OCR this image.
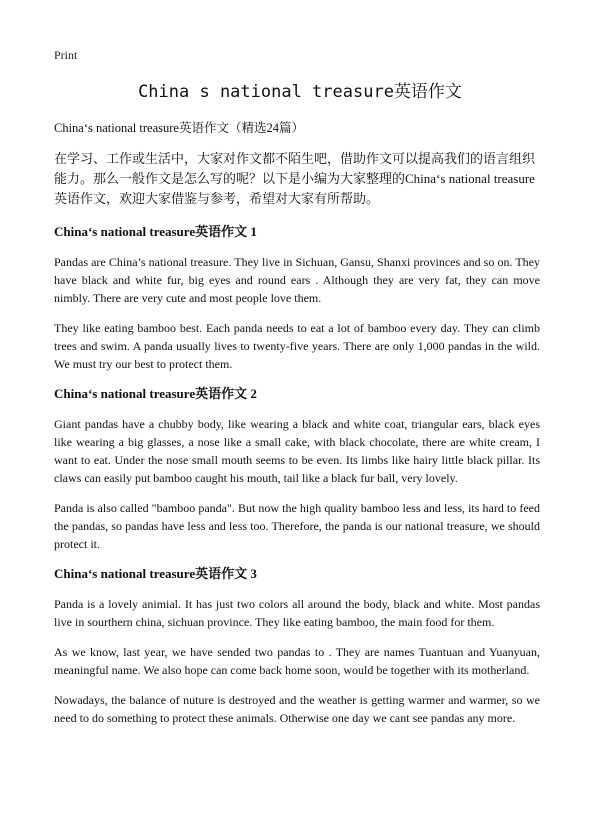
Print
China s national treasure英语作文

China‘s national treasure英语作文（精选24篇）

在学习、工作或生活中，大家对作文都不陌生吧，借助作文可以提高我们的语言组织能力。那么一般作文是怎么写的呢？以下是小编为大家整理的China‘s national treasure英语作文，欢迎大家借鉴与参考，希望对大家有所帮助。

China‘s national treasure英语作文 1

Pandas are China’s national treasure. They live in Sichuan, Gansu, Shanxi provinces and so on. They have black and white fur, big eyes and round ears . Although they are very fat, they can move nimbly. There are very cute and most people love them.

They like eating bamboo best. Each panda needs to eat a lot of bamboo every day. They can climb trees and swim. A panda usually lives to twenty-five years. There are only 1,000 pandas in the wild. We must try our best to protect them.

China‘s national treasure英语作文 2

Giant pandas have a chubby body, like wearing a black and white coat, triangular ears, black eyes like wearing a big glasses, a nose like a small cake, with black chocolate, there are white cream, I want to eat. Under the nose small mouth seems to be even. Its limbs like hairy little black pillar. Its claws can easily put bamboo caught his mouth, tail like a black fur ball, very lovely.

Panda is also called "bamboo panda". But now the high quality bamboo less and less, its hard to feed the pandas, so pandas have less and less too. Therefore, the panda is our national treasure, we should protect it.

China‘s national treasure英语作文 3

Panda is a lovely animial. It has just two colors all around the body, black and white. Most pandas live in sourthern china, sichuan province. They like eating bamboo, the main food for them.

As we know, last year, we have sended two pandas to . They are names Tuantuan and Yuanyuan, meaningful name. We also hope can come back home soon, would be together with its motherland.

Nowadays, the balance of nuture is destroyed and the weather is getting warmer and warmer, so we need to do something to protect these animals. Otherwise one day we cant see pandas any more.
